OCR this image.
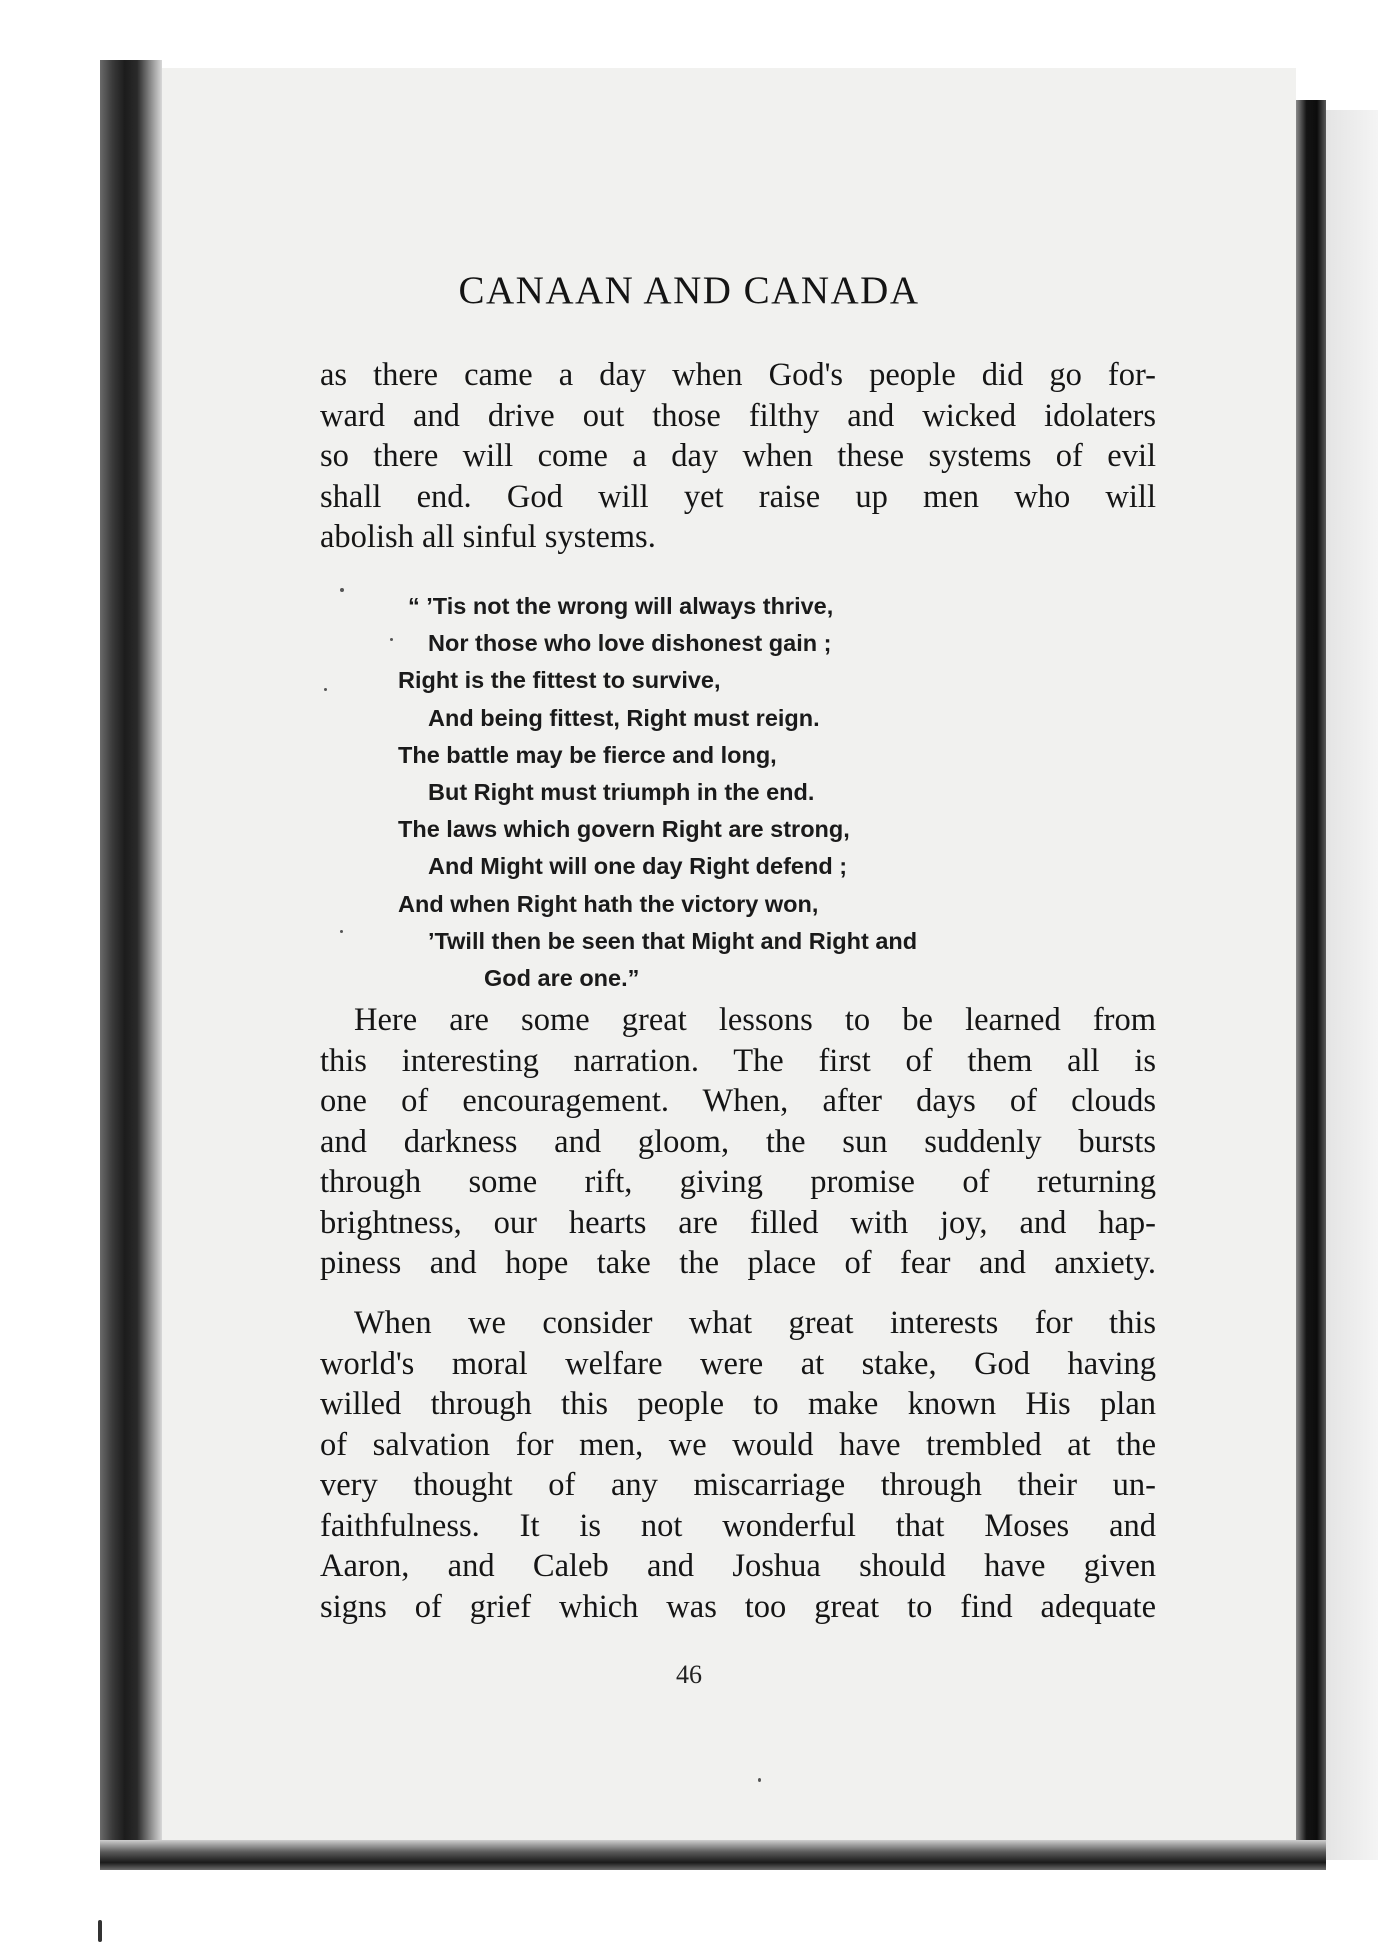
CANAAN AND CANADA
as there came a day when God's people did go for-
ward and drive out those filthy and wicked idolaters
so there will come a day when these systems of evil
shall end. God will yet raise up men who will
abolish all sinful systems.
“ ’Tis not the wrong will always thrive,
Nor those who love dishonest gain ;
Right is the fittest to survive,
And being fittest, Right must reign.
The battle may be fierce and long,
But Right must triumph in the end.
The laws which govern Right are strong,
And Might will one day Right defend ;
And when Right hath the victory won,
’Twill then be seen that Might and Right and
God are one.”
Here are some great lessons to be learned from
this interesting narration. The first of them all is
one of encouragement. When, after days of clouds
and darkness and gloom, the sun suddenly bursts
through some rift, giving promise of returning
brightness, our hearts are filled with joy, and hap-
piness and hope take the place of fear and anxiety.
When we consider what great interests for this
world's moral welfare were at stake, God having
willed through this people to make known His plan
of salvation for men, we would have trembled at the
very thought of any miscarriage through their un-
faithfulness. It is not wonderful that Moses and
Aaron, and Caleb and Joshua should have given
signs of grief which was too great to find adequate
46
